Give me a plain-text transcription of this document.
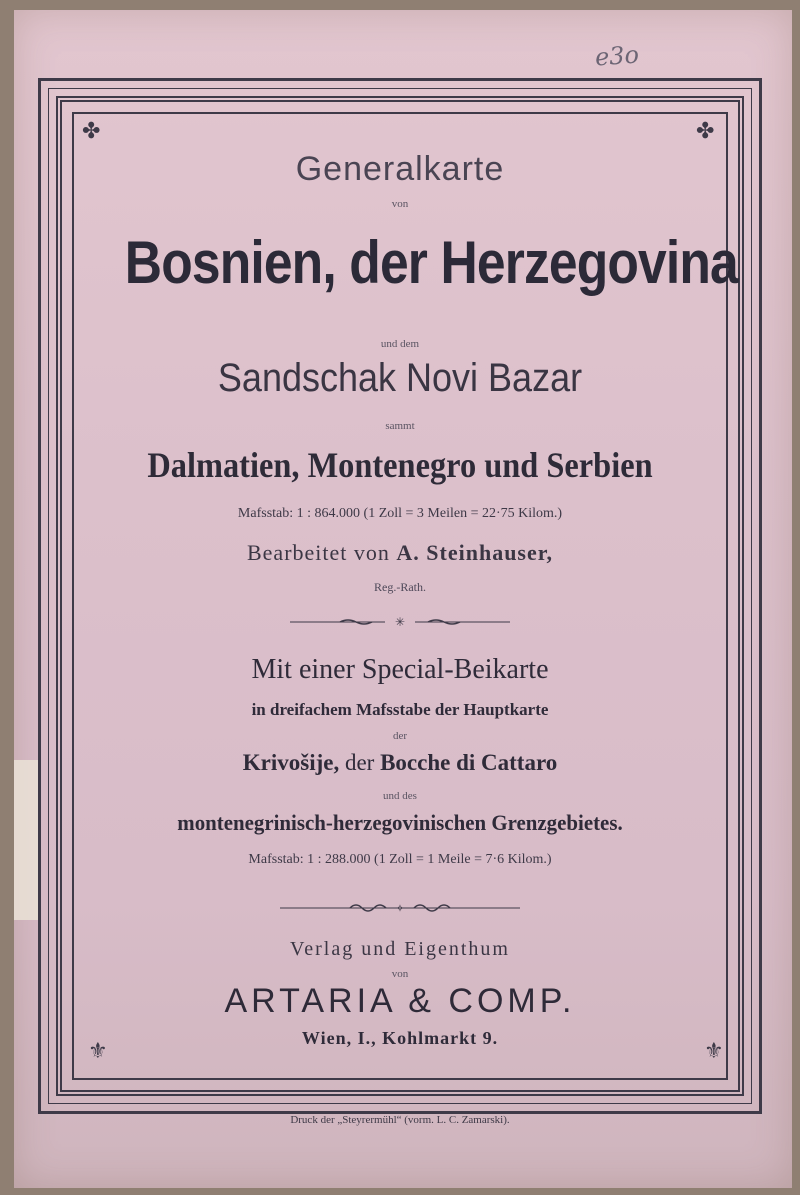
e3o
✤	✤
⚜	⚜
Generalkarte
von
Bosnien, der Herzegovina
und dem
Sandschak Novi Bazar
sammt
Dalmatien, Montenegro und Serbien
Mafsstab: 1 : 864.000 (1 Zoll = 3 Meilen = 22·75 Kilom.)
Bearbeitet von A. Steinhauser,
Reg.-Rath.
✳
Mit einer Special-Beikarte
in dreifachem Mafsstabe der Hauptkarte
der
Krivošije, der Bocche di Cattaro
und des
montenegrinisch-herzegovinischen Grenzgebietes.
Mafsstab: 1 : 288.000 (1 Zoll = 1 Meile = 7·6 Kilom.)
✧
Verlag und Eigenthum
von
ARTARIA & COMP.
Wien, I., Kohlmarkt 9.
Druck der „Steyrermühl“ (vorm. L. C. Zamarski).
